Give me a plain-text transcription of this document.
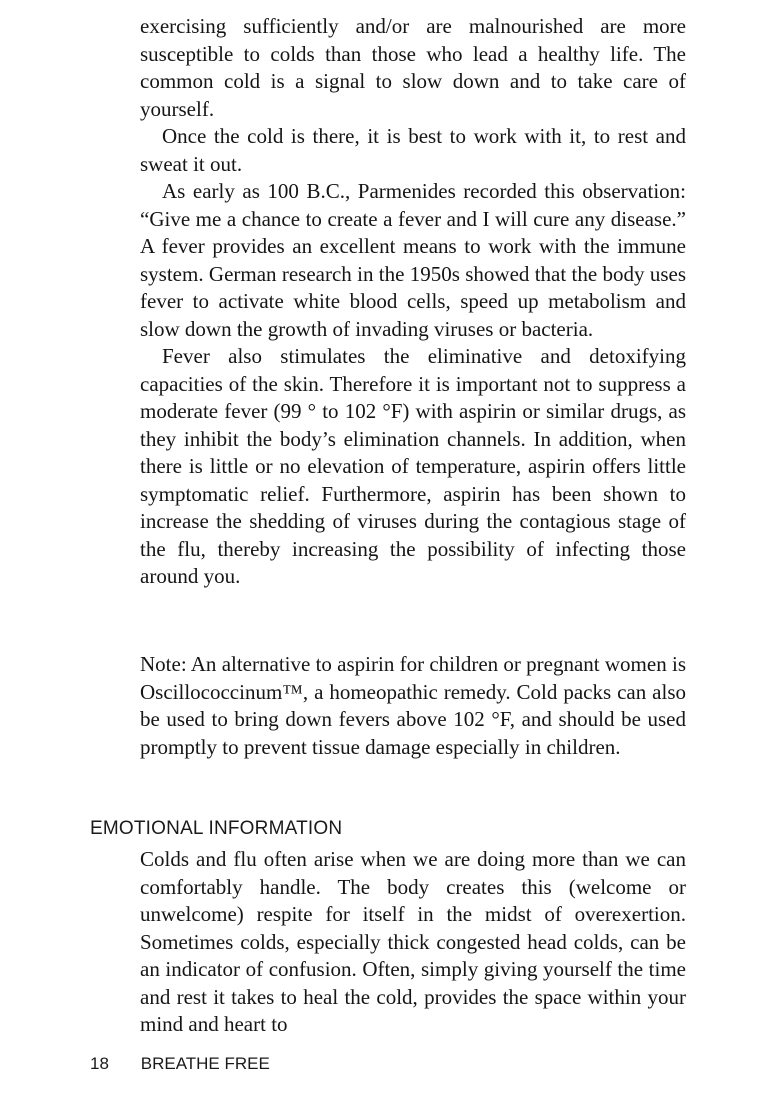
exercising sufficiently and/or are malnourished are more susceptible to colds than those who lead a healthy life. The common cold is a signal to slow down and to take care of yourself.

Once the cold is there, it is best to work with it, to rest and sweat it out.

As early as 100 B.C., Parmenides recorded this observation: “Give me a chance to create a fever and I will cure any disease.” A fever provides an excellent means to work with the immune system. German research in the 1950s showed that the body uses fever to activate white blood cells, speed up metabolism and slow down the growth of invading viruses or bacteria.

Fever also stimulates the eliminative and detoxifying capacities of the skin. Therefore it is important not to suppress a moderate fever (99 ° to 102 °F) with aspirin or similar drugs, as they inhibit the body’s elimination channels. In addition, when there is little or no elevation of temperature, aspirin offers little symptomatic relief. Furthermore, aspirin has been shown to increase the shedding of viruses during the contagious stage of the flu, thereby increasing the possibility of infecting those around you.

Note: An alternative to aspirin for children or pregnant women is Oscillococcinum™, a homeopathic remedy. Cold packs can also be used to bring down fevers above 102 °F, and should be used promptly to prevent tissue damage especially in children.

EMOTIONAL INFORMATION

Colds and flu often arise when we are doing more than we can comfortably handle. The body creates this (welcome or unwelcome) respite for itself in the midst of overexertion. Sometimes colds, especially thick congested head colds, can be an indicator of confusion. Often, simply giving yourself the time and rest it takes to heal the cold, provides the space within your mind and heart to

18 BREATHE FREE
